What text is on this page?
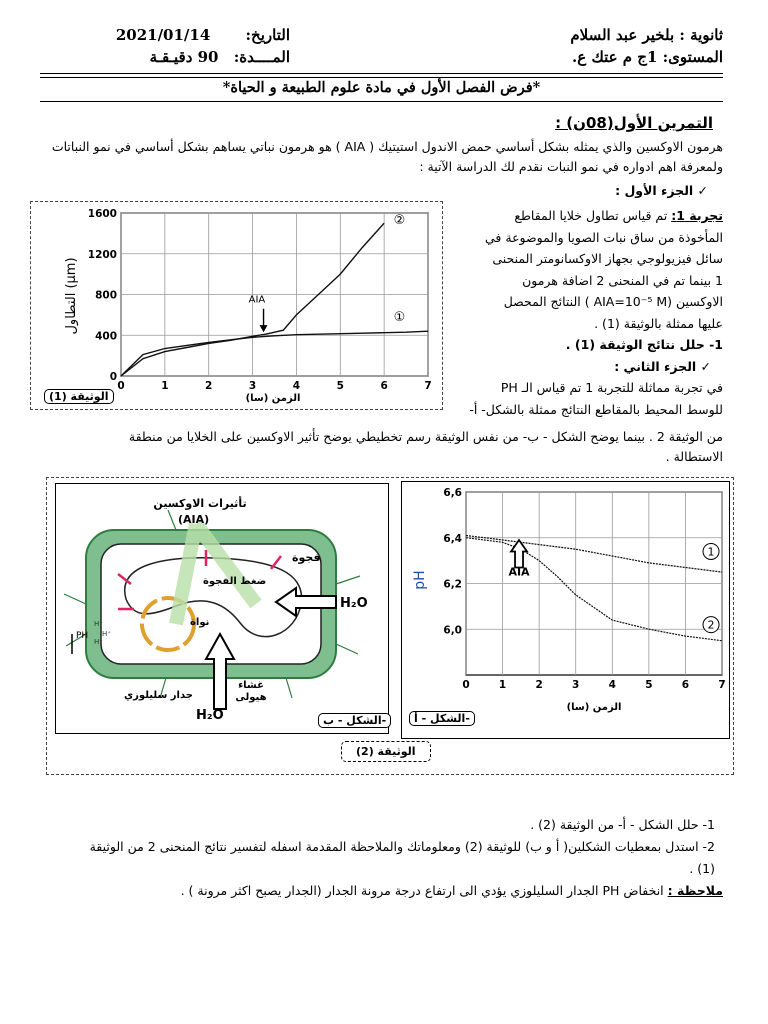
ثانوية : بلخير عبد السلام
المستوى: 1ج م عتك ع.
التاريخ: 2021/01/14
المــــدة: 90 دقيـقـة
*فرض الفصل الأول في مادة علوم الطبيعة و الحياة*
التمرين الأول(08ن) :
هرمون الاوكسين والذي يمثله بشكل أساسي حمض الاندول استيتيك ( AIA ) هو هرمون نباتي يساهم بشكل أساسي في نمو النباتات ولمعرفة اهم ادواره في نمو النبات نقدم لك الدراسة الآتية :
✓ الجزء الأول :
تجربة 1: تم قياس تطاول خلايا المقاطع
المأخوذة من ساق نبات الصويا والموضوعة في
سائل فيزيولوجي بجهاز الاوكسانومتر المنحنى
1 بينما تم في المنحنى 2 اضافة هرمون
الاوكسين (AIA=10⁻⁵ M ) النتائج المحصل
عليها ممثلة بالوثيقة (1) .
1- حلل نتائج الوثيقة (1) .
✓ الجزء الثاني :
في تجربة مماثلة للتجربة 1 تم قياس الـ PH
للوسط المحيط بالمقاطع النتائج ممثلة بالشكل- أ-
من الوثيقة 2 . بينما يوضح الشكل - ب- من نفس الوثيقة رسم تخطيطي يوضح تأثير الاوكسين على الخلايا من منطقة
الاستطالة .
0	1	2	3	4	5	6	7
0
400
800
1200
1600
التطاول (μm)
الزمن (سا)
AIA
②
①
الوثيقة (1)
H⁺
H⁺
H⁺
تأثيرات الاوكسين
(AIA)
فجوة
ضغط الفجوة
نواة
H₂O
H₂O
PH
جدار سليلوزي
غشاء هيولى
الشكل - ب-
0	1	2	3	4	5	6	7
6,0
6,2
6,4
6,6
pH
الزمن (سا)
AIA
1
2
الشكل - أ-
الوثيقة (2)
1- حلل الشكل - أ- من الوثيقة (2) .
2- استدل بمعطيات الشكلين( أ و ب) للوثيقة (2) ومعلوماتك والملاحظة المقدمة اسفله لتفسير نتائج المنحنى 2 من الوثيقة
(1) .
ملاحظة : انخفاض PH الجدار السليلوزي يؤدي الى ارتفاع درجة مرونة الجدار (الجدار يصبح اكثر مرونة ) .
